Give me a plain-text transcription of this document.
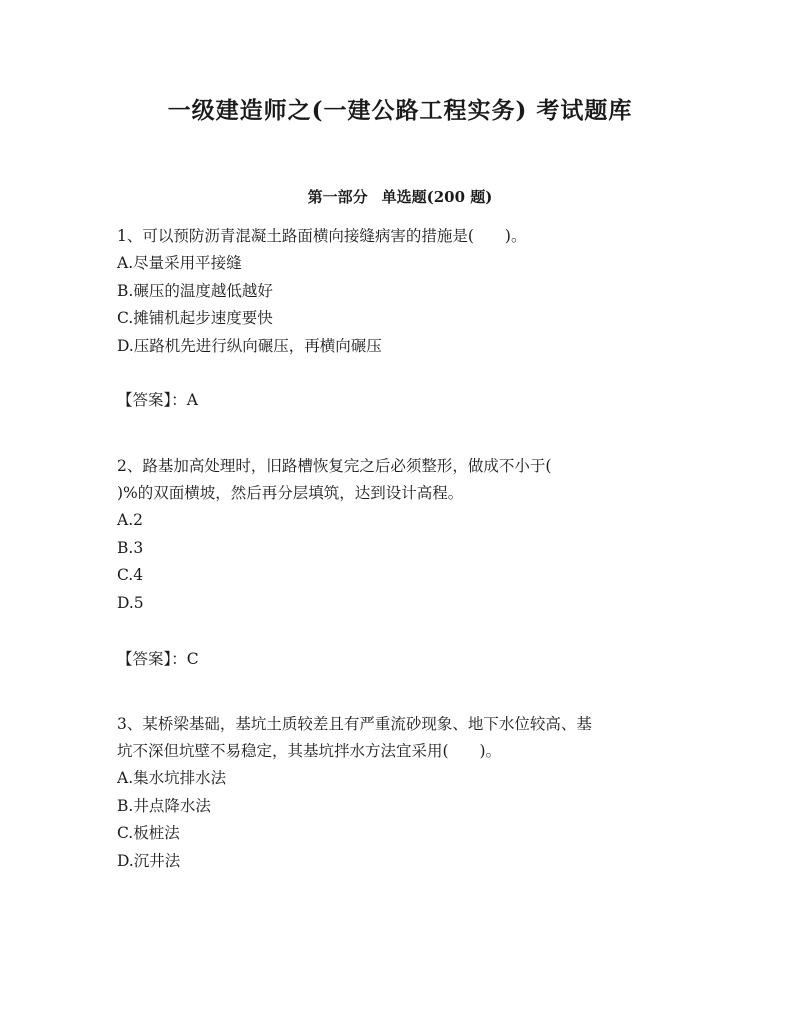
一级建造师之(一建公路工程实务) 考试题库
第一部分 单选题(200 题)

1、可以预防沥青混凝土路面横向接缝病害的措施是(　　)。

A.尽量采用平接缝

B.碾压的温度越低越好

C.摊铺机起步速度要快

D.压路机先进行纵向碾压，再横向碾压

【答案】：A

2、路基加高处理时，旧路槽恢复完之后必须整形，做成不小于(

)%的双面横坡，然后再分层填筑，达到设计高程。

A.2

B.3

C.4

D.5

【答案】：C

3、某桥梁基础，基坑土质较差且有严重流砂现象、地下水位较高、基

坑不深但坑壁不易稳定，其基坑拌水方法宜采用(　　)。

A.集水坑排水法

B.井点降水法

C.板桩法

D.沉井法
